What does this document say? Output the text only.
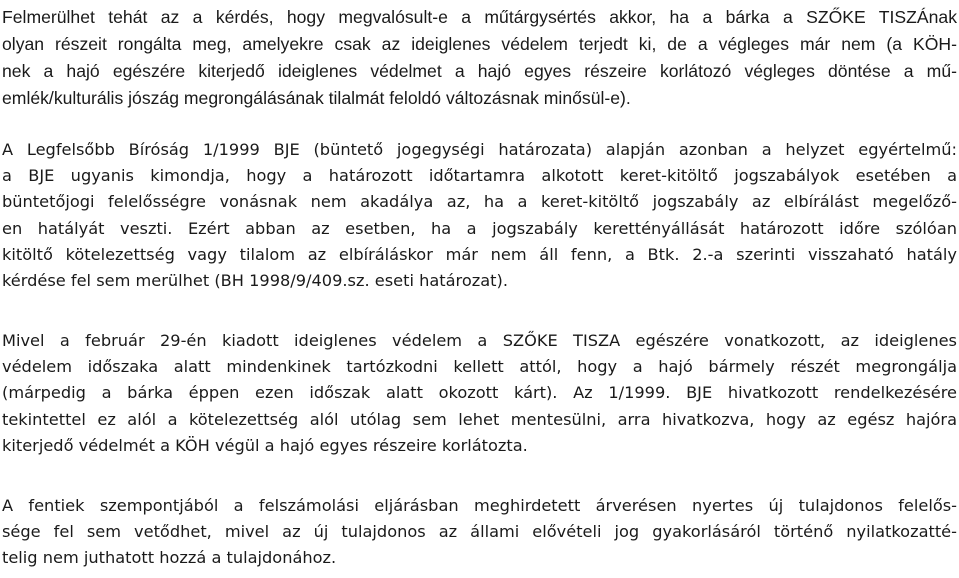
Felmerülhet tehát az a kérdés, hogy megvalósult-e a műtárgysértés akkor, ha a bárka a SZŐKE TISZÁnak
olyan részeit rongálta meg, amelyekre csak az ideiglenes védelem terjedt ki, de a végleges már nem (a KÖH-
nek a hajó egészére kiterjedő ideiglenes védelmet a hajó egyes részeire korlátozó végleges döntése a mű-
emlék/kulturális jószág megrongálásának tilalmát feloldó változásnak minősül-e).

A Legfelsőbb Bíróság 1/1999 BJE (büntető jogegységi határozata) alapján azonban a helyzet egyértelmű:
a BJE ugyanis kimondja, hogy a határozott időtartamra alkotott keret-kitöltő jogszabályok esetében a
büntetőjogi felelősségre vonásnak nem akadálya az, ha a keret-kitöltő jogszabály az elbírálást megelőző-
en hatályát veszti. Ezért abban az esetben, ha a jogszabály kerettényállását határozott időre szólóan
kitöltő kötelezettség vagy tilalom az elbíráláskor már nem áll fenn, a Btk. 2.-a szerinti visszaható hatály
kérdése fel sem merülhet (BH 1998/9/409.sz. eseti határozat).

Mivel a február 29-én kiadott ideiglenes védelem a SZŐKE TISZA egészére vonatkozott, az ideiglenes
védelem időszaka alatt mindenkinek tartózkodni kellett attól, hogy a hajó bármely részét megrongálja
(márpedig a bárka éppen ezen időszak alatt okozott kárt). Az 1/1999. BJE hivatkozott rendelkezésére
tekintettel ez alól a kötelezettség alól utólag sem lehet mentesülni, arra hivatkozva, hogy az egész hajóra
kiterjedő védelmét a KÖH végül a hajó egyes részeire korlátozta.

A fentiek szempontjából a felszámolási eljárásban meghirdetett árverésen nyertes új tulajdonos felelős-
sége fel sem vetődhet, mivel az új tulajdonos az állami elővételi jog gyakorlásáról történő nyilatkozatté-
telig nem juthatott hozzá a tulajdonához.
